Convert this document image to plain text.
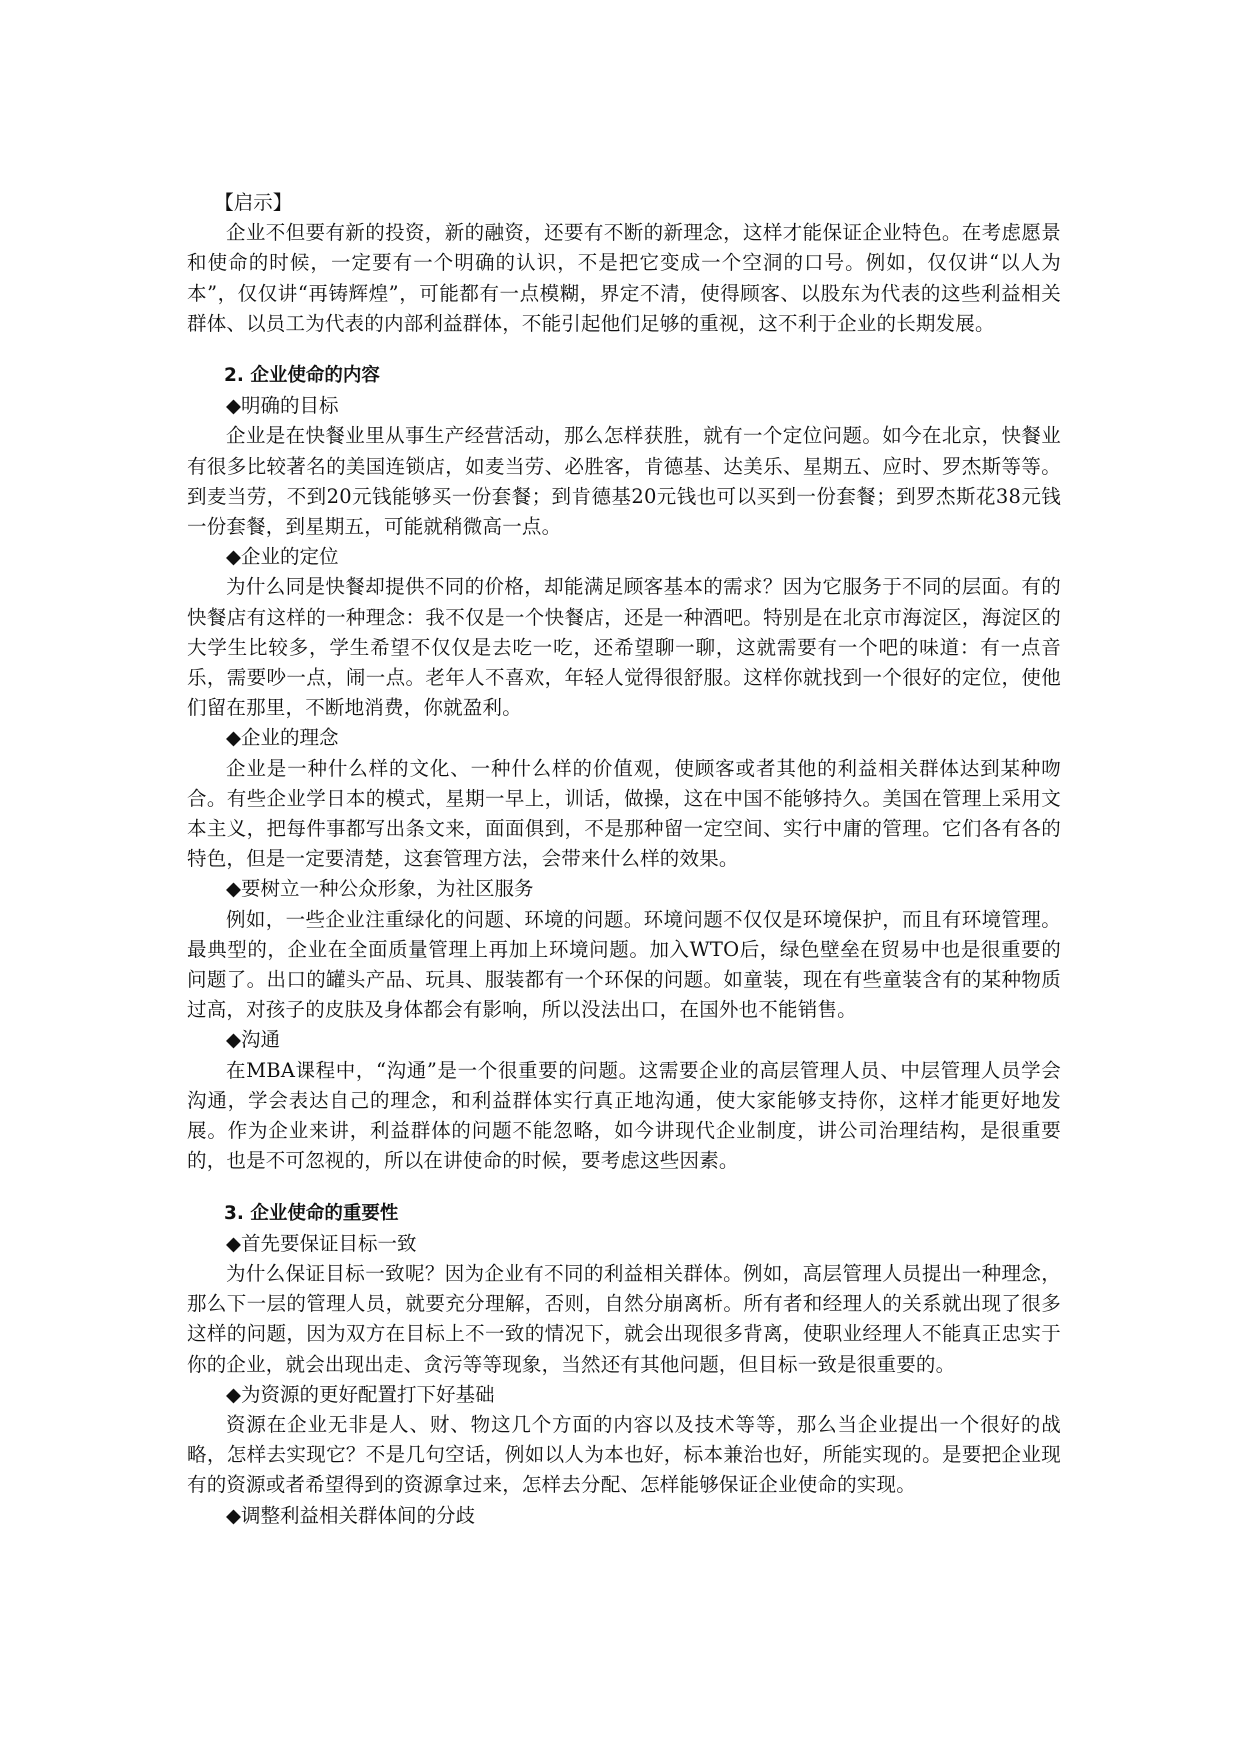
【启示】

企业不但要有新的投资，新的融资，还要有不断的新理念，这样才能保证企业特色。在考虑愿景和使命的时候，一定要有一个明确的认识，不是把它变成一个空洞的口号。例如，仅仅讲“以人为本”，仅仅讲“再铸辉煌”，可能都有一点模糊，界定不清，使得顾客、以股东为代表的这些利益相关群体、以员工为代表的内部利益群体，不能引起他们足够的重视，这不利于企业的长期发展。

2. 企业使命的内容

◆明确的目标

企业是在快餐业里从事生产经营活动，那么怎样获胜，就有一个定位问题。如今在北京，快餐业有很多比较著名的美国连锁店，如麦当劳、必胜客，肯德基、达美乐、星期五、应时、罗杰斯等等。到麦当劳，不到20元钱能够买一份套餐；到肯德基20元钱也可以买到一份套餐；到罗杰斯花38元钱一份套餐，到星期五，可能就稍微高一点。

◆企业的定位

为什么同是快餐却提供不同的价格，却能满足顾客基本的需求？因为它服务于不同的层面。有的快餐店有这样的一种理念：我不仅是一个快餐店，还是一种酒吧。特别是在北京市海淀区，海淀区的大学生比较多，学生希望不仅仅是去吃一吃，还希望聊一聊，这就需要有一个吧的味道：有一点音乐，需要吵一点，闹一点。老年人不喜欢，年轻人觉得很舒服。这样你就找到一个很好的定位，使他们留在那里，不断地消费，你就盈利。

◆企业的理念

企业是一种什么样的文化、一种什么样的价值观，使顾客或者其他的利益相关群体达到某种吻合。有些企业学日本的模式，星期一早上，训话，做操，这在中国不能够持久。美国在管理上采用文本主义，把每件事都写出条文来，面面俱到，不是那种留一定空间、实行中庸的管理。它们各有各的特色，但是一定要清楚，这套管理方法，会带来什么样的效果。

◆要树立一种公众形象，为社区服务

例如，一些企业注重绿化的问题、环境的问题。环境问题不仅仅是环境保护，而且有环境管理。最典型的，企业在全面质量管理上再加上环境问题。加入WTO后，绿色壁垒在贸易中也是很重要的问题了。出口的罐头产品、玩具、服装都有一个环保的问题。如童装，现在有些童装含有的某种物质过高，对孩子的皮肤及身体都会有影响，所以没法出口，在国外也不能销售。

◆沟通

在MBA课程中，“沟通”是一个很重要的问题。这需要企业的高层管理人员、中层管理人员学会沟通，学会表达自己的理念，和利益群体实行真正地沟通，使大家能够支持你，这样才能更好地发展。作为企业来讲，利益群体的问题不能忽略，如今讲现代企业制度，讲公司治理结构，是很重要的，也是不可忽视的，所以在讲使命的时候，要考虑这些因素。

3. 企业使命的重要性

◆首先要保证目标一致

为什么保证目标一致呢？因为企业有不同的利益相关群体。例如，高层管理人员提出一种理念，那么下一层的管理人员，就要充分理解，否则，自然分崩离析。所有者和经理人的关系就出现了很多这样的问题，因为双方在目标上不一致的情况下，就会出现很多背离，使职业经理人不能真正忠实于你的企业，就会出现出走、贪污等等现象，当然还有其他问题，但目标一致是很重要的。

◆为资源的更好配置打下好基础

资源在企业无非是人、财、物这几个方面的内容以及技术等等，那么当企业提出一个很好的战略，怎样去实现它？不是几句空话，例如以人为本也好，标本兼治也好，所能实现的。是要把企业现有的资源或者希望得到的资源拿过来，怎样去分配、怎样能够保证企业使命的实现。

◆调整利益相关群体间的分歧
